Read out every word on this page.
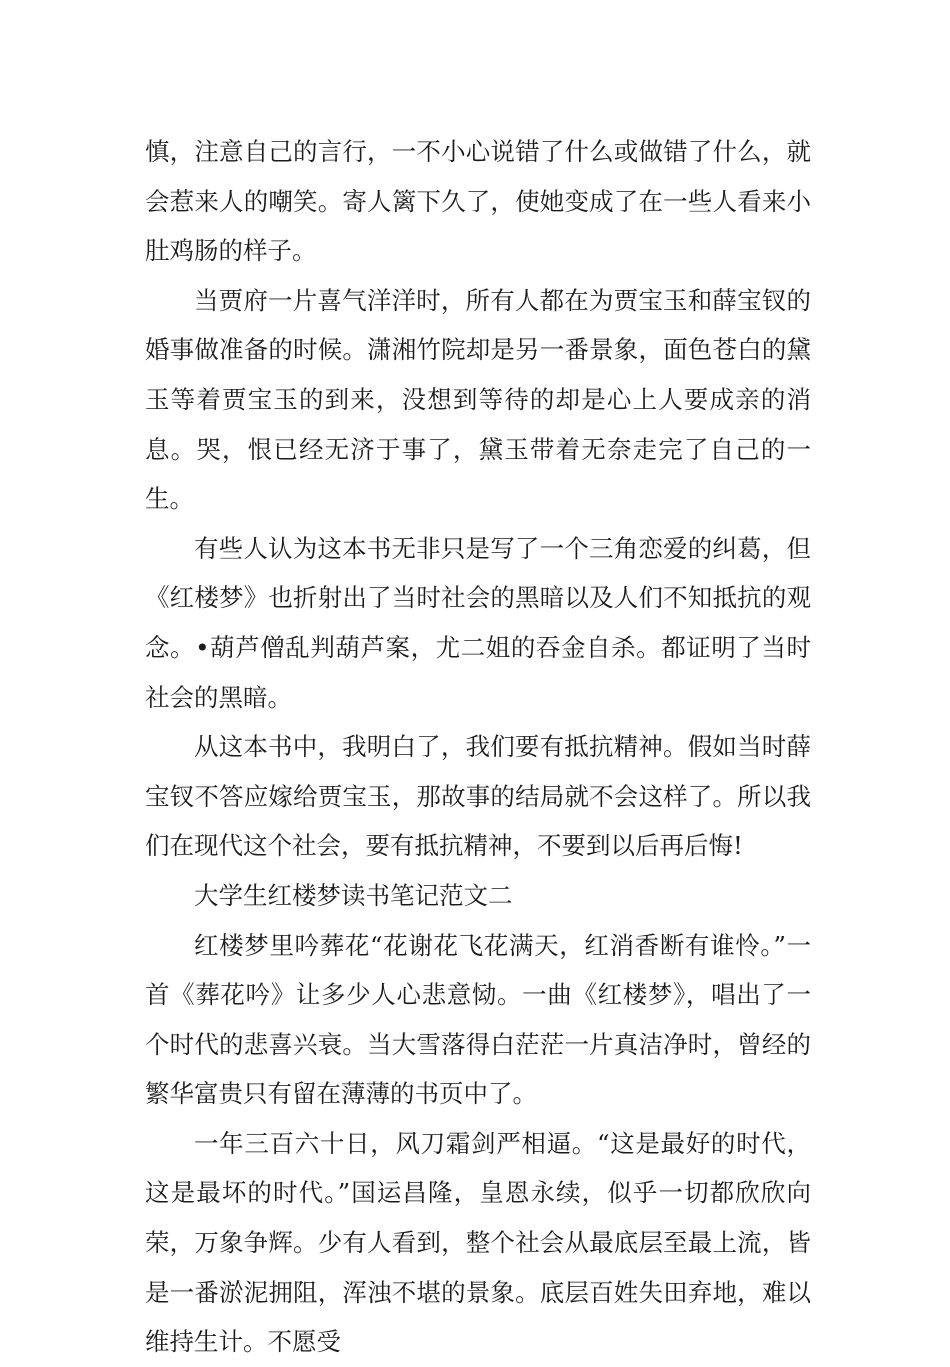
慎，注意自己的言行，一不小心说错了什么或做错了什么，就会惹来人的嘲笑。寄人篱下久了，使她变成了在一些人看来小肚鸡肠的样子。

当贾府一片喜气洋洋时，所有人都在为贾宝玉和薛宝钗的婚事做准备的时候。潇湘竹院却是另一番景象，面色苍白的黛玉等着贾宝玉的到来，没想到等待的却是心上人要成亲的消息。哭，恨已经无济于事了，黛玉带着无奈走完了自己的一生。

有些人认为这本书无非只是写了一个三角恋爱的纠葛，但《红楼梦》也折射出了当时社会的黑暗以及人们不知抵抗的观念。•葫芦僧乱判葫芦案，尤二姐的吞金自杀。都证明了当时社会的黑暗。

从这本书中，我明白了，我们要有抵抗精神。假如当时薛宝钗不答应嫁给贾宝玉，那故事的结局就不会这样了。所以我们在现代这个社会，要有抵抗精神，不要到以后再后悔!

大学生红楼梦读书笔记范文二

红楼梦里吟葬花“花谢花飞花满天，红消香断有谁怜。”一首《葬花吟》让多少人心悲意恸。一曲《红楼梦》，唱出了一个时代的悲喜兴衰。当大雪落得白茫茫一片真洁净时，曾经的繁华富贵只有留在薄薄的书页中了。

一年三百六十日，风刀霜剑严相逼。“这是最好的时代，这是最坏的时代。”国运昌隆，皇恩永续，似乎一切都欣欣向荣，万象争辉。少有人看到，整个社会从最底层至最上流，皆是一番淤泥拥阻，浑浊不堪的景象。底层百姓失田弃地，难以维持生计。不愿受
